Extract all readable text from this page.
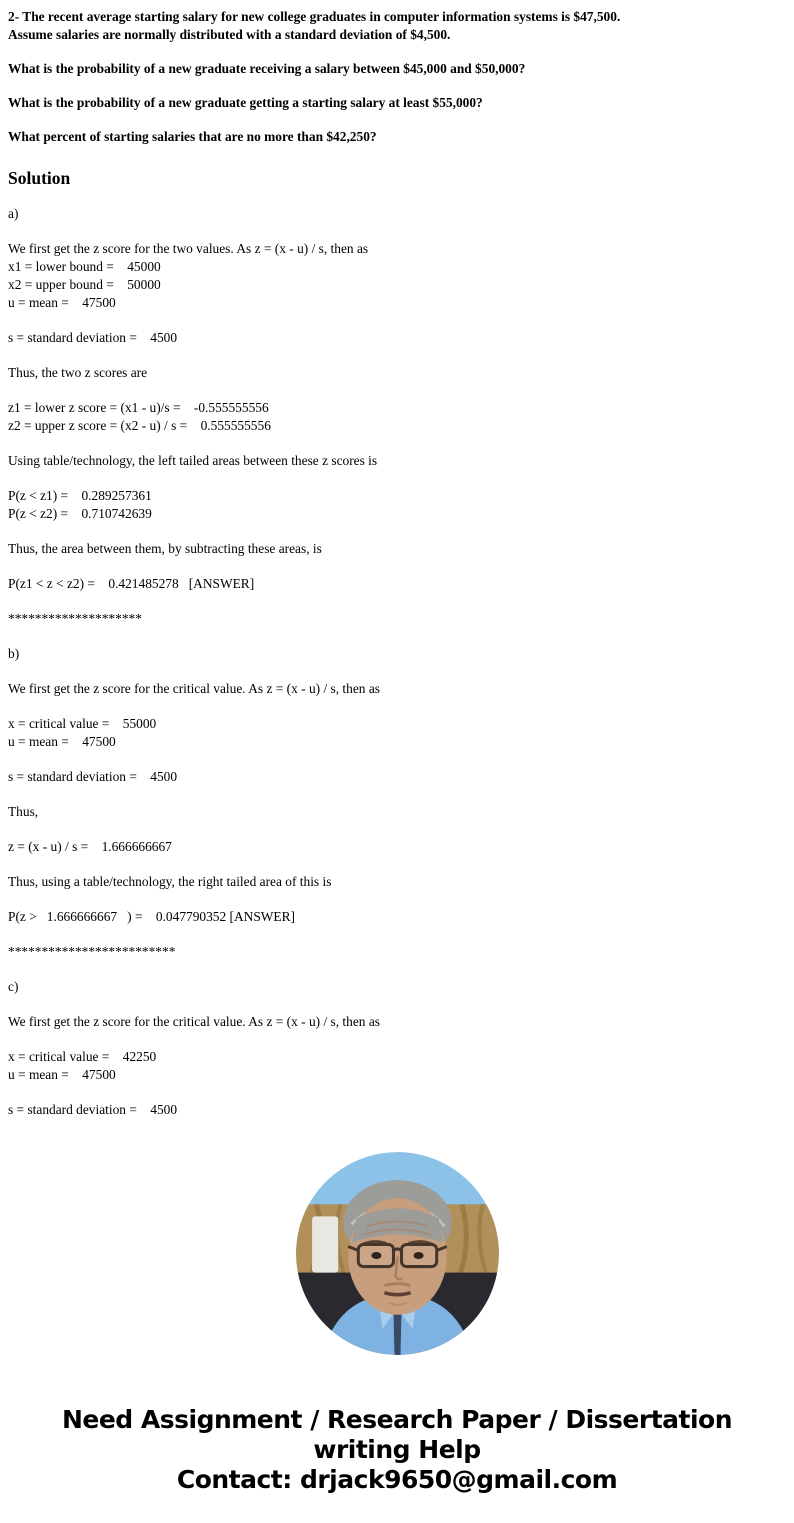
2- The recent average starting salary for new college graduates in computer information systems is $47,500.

Assume salaries are normally distributed with a standard deviation of $4,500.

What is the probability of a new graduate receiving a salary between $45,000 and $50,000?

What is the probability of a new graduate getting a starting salary at least $55,000?

What percent of starting salaries that are no more than $42,250?

Solution

a)

We first get the z score for the two values. As z = (x - u) / s, then as

x1 = lower bound =    45000

x2 = upper bound =    50000

u = mean =    47500

s = standard deviation =    4500

Thus, the two z scores are

z1 = lower z score = (x1 - u)/s =    -0.555555556

z2 = upper z score = (x2 - u) / s =    0.555555556

Using table/technology, the left tailed areas between these z scores is

P(z < z1) =    0.289257361

P(z < z2) =    0.710742639

Thus, the area between them, by subtracting these areas, is

P(z1 < z < z2) =    0.421485278   [ANSWER]

********************

b)

We first get the z score for the critical value. As z = (x - u) / s, then as

x = critical value =    55000

u = mean =    47500

s = standard deviation =    4500

Thus,

z = (x - u) / s =    1.666666667

Thus, using a table/technology, the right tailed area of this is

P(z >   1.666666667   ) =    0.047790352 [ANSWER]

*************************

c)

We first get the z score for the critical value. As z = (x - u) / s, then as

x = critical value =    42250

u = mean =    47500

s = standard deviation =    4500

Need Assignment / Research Paper / Dissertation

writing Help

Contact: drjack9650@gmail.com
